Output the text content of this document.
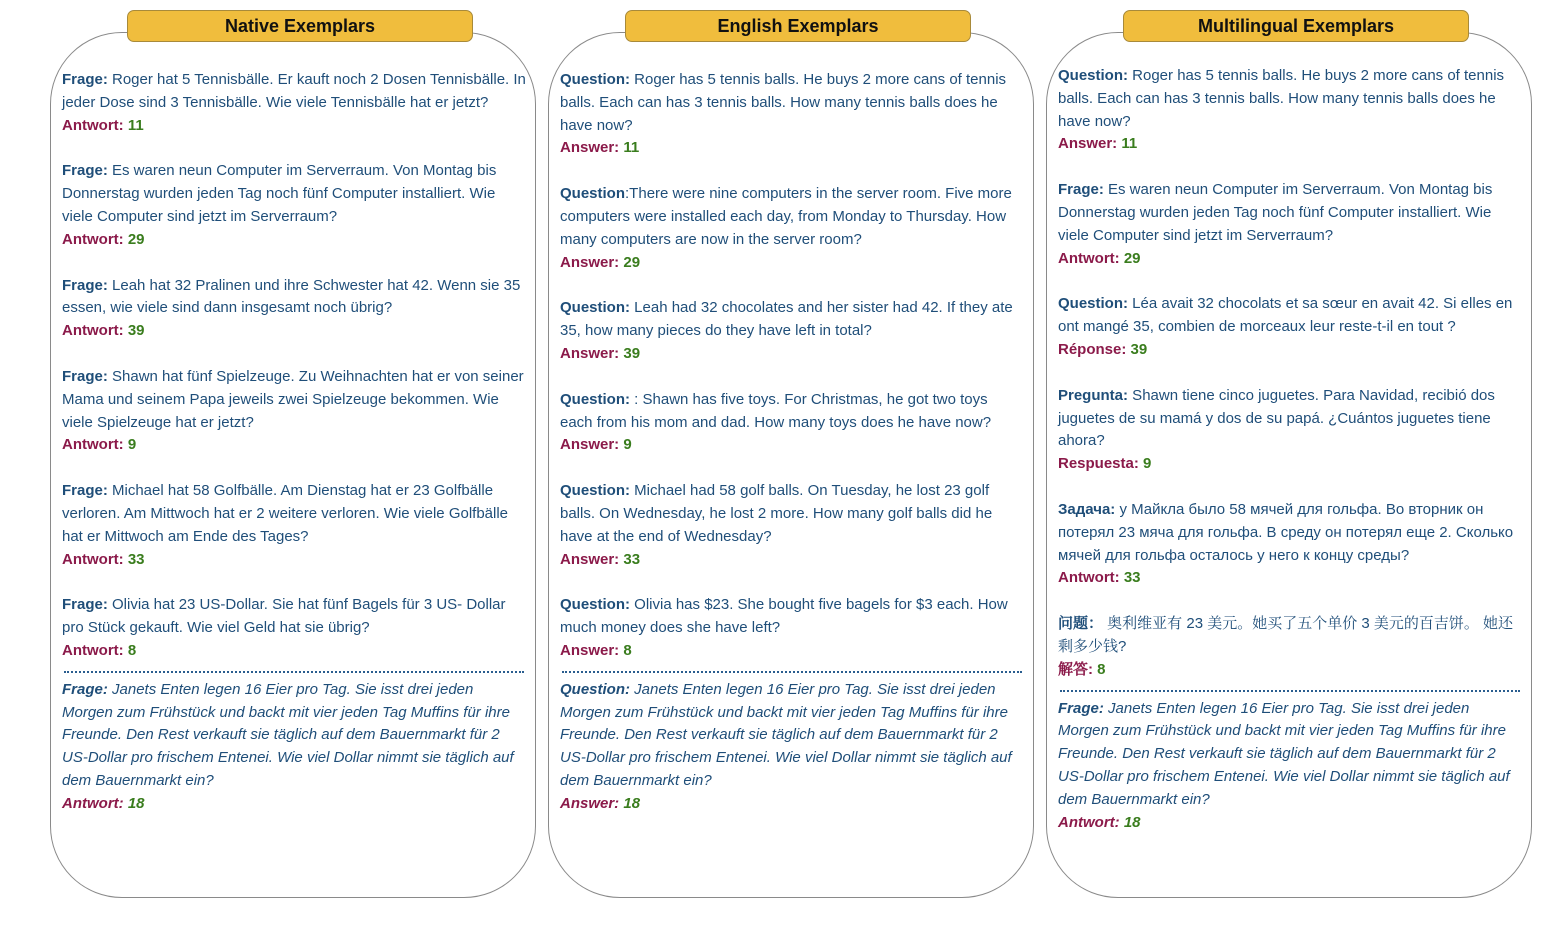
Native Exemplars	English Exemplars	Multilingual Exemplars
Frage: Roger hat 5 Tennisbälle. Er kauft noch 2 Dosen Tennisbälle. In jeder Dose sind 3 Tennisbälle. Wie viele Tennisbälle hat er jetzt?
Antwort: 11
Frage: Es waren neun Computer im Serverraum. Von Montag bis Donnerstag wurden jeden Tag noch fünf Computer installiert. Wie viele Computer sind jetzt im Serverraum?
Antwort: 29
Frage: Leah hat 32 Pralinen und ihre Schwester hat 42. Wenn sie 35 essen, wie viele sind dann insgesamt noch übrig?
Antwort: 39
Frage: Shawn hat fünf Spielzeuge. Zu Weihnachten hat er von seiner Mama und seinem Papa jeweils zwei Spielzeuge bekommen. Wie viele Spielzeuge hat er jetzt?
Antwort: 9
Frage: Michael hat 58 Golfbälle. Am Dienstag hat er 23 Golfbälle verloren. Am Mittwoch hat er 2 weitere verloren. Wie viele Golfbälle hat er Mittwoch am Ende des Tages?
Antwort: 33
Frage: Olivia hat 23 US-Dollar. Sie hat fünf Bagels für 3 US- Dollar pro Stück gekauft. Wie viel Geld hat sie übrig?
Antwort: 8
Frage: Janets Enten legen 16 Eier pro Tag. Sie isst drei jeden Morgen zum Frühstück und backt mit vier jeden Tag Muffins für ihre Freunde. Den Rest verkauft sie täglich auf dem Bauernmarkt für 2 US-Dollar pro frischem Entenei. Wie viel Dollar nimmt sie täglich auf dem Bauernmarkt ein?
Antwort: 18
Question: Roger has 5 tennis balls. He buys 2 more cans of tennis balls. Each can has 3 tennis balls. How many tennis balls does he have now?
Answer: 11
Question:There were nine computers in the server room. Five more computers were installed each day, from Monday to Thursday. How many computers are now in the server room?
Answer: 29
Question: Leah had 32 chocolates and her sister had 42. If they ate 35, how many pieces do they have left in total?
Answer: 39
Question: : Shawn has five toys. For Christmas, he got two toys each from his mom and dad. How many toys does he have now?
Answer: 9
Question: Michael had 58 golf balls. On Tuesday, he lost 23 golf balls. On Wednesday, he lost 2 more. How many golf balls did he have at the end of Wednesday?
Answer: 33
Question: Olivia has $23. She bought five bagels for $3 each. How much money does she have left?
Answer: 8
Question: Janets Enten legen 16 Eier pro Tag. Sie isst drei jeden Morgen zum Frühstück und backt mit vier jeden Tag Muffins für ihre Freunde. Den Rest verkauft sie täglich auf dem Bauernmarkt für 2 US-Dollar pro frischem Entenei. Wie viel Dollar nimmt sie täglich auf dem Bauernmarkt ein?
Answer: 18
Question: Roger has 5 tennis balls. He buys 2 more cans of tennis balls. Each can has 3 tennis balls. How many tennis balls does he have now?
Answer: 11
Frage: Es waren neun Computer im Serverraum. Von Montag bis Donnerstag wurden jeden Tag noch fünf Computer installiert. Wie viele Computer sind jetzt im Serverraum?
Antwort: 29
Question: Léa avait 32 chocolats et sa sœur en avait 42. Si elles en ont mangé 35, combien de morceaux leur reste-t-il en tout ?
Réponse: 39
Pregunta: Shawn tiene cinco juguetes. Para Navidad, recibió dos juguetes de su mamá y dos de su papá. ¿Cuántos juguetes tiene ahora?
Respuesta: 9
Задача: у Майкла было 58 мячей для гольфа. Во вторник он потерял 23 мяча для гольфа. В среду он потерял еще 2. Сколько мячей для гольфа осталось у него к концу среды?
Antwort: 33
问题： 奥利维亚有 23 美元。她买了五个单价 3 美元的百吉饼。 她还剩多少钱?
解答: 8
Frage: Janets Enten legen 16 Eier pro Tag. Sie isst drei jeden Morgen zum Frühstück und backt mit vier jeden Tag Muffins für ihre Freunde. Den Rest verkauft sie täglich auf dem Bauernmarkt für 2 US-Dollar pro frischem Entenei. Wie viel Dollar nimmt sie täglich auf dem Bauernmarkt ein?
Antwort: 18
